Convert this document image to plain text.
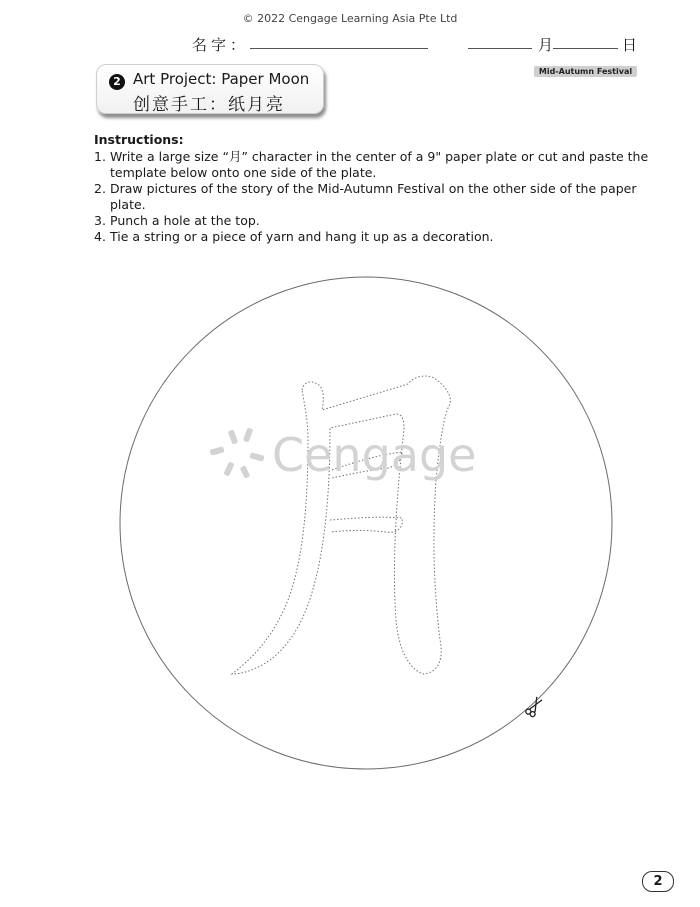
© 2022 Cengage Learning Asia Pte Ltd
名字：	月	日
2 Art Project: Paper Moon
创意手工：纸月亮
Mid-Autumn Festival
Instructions:
1. Write a large size “月” character in the center of a 9" paper plate or cut and paste the template below onto one side of the plate.
2. Draw pictures of the story of the Mid-Autumn Festival on the other side of the paper plate.
3. Punch a hole at the top.
4. Tie a string or a piece of yarn and hang it up as a decoration.
Cengage
2
